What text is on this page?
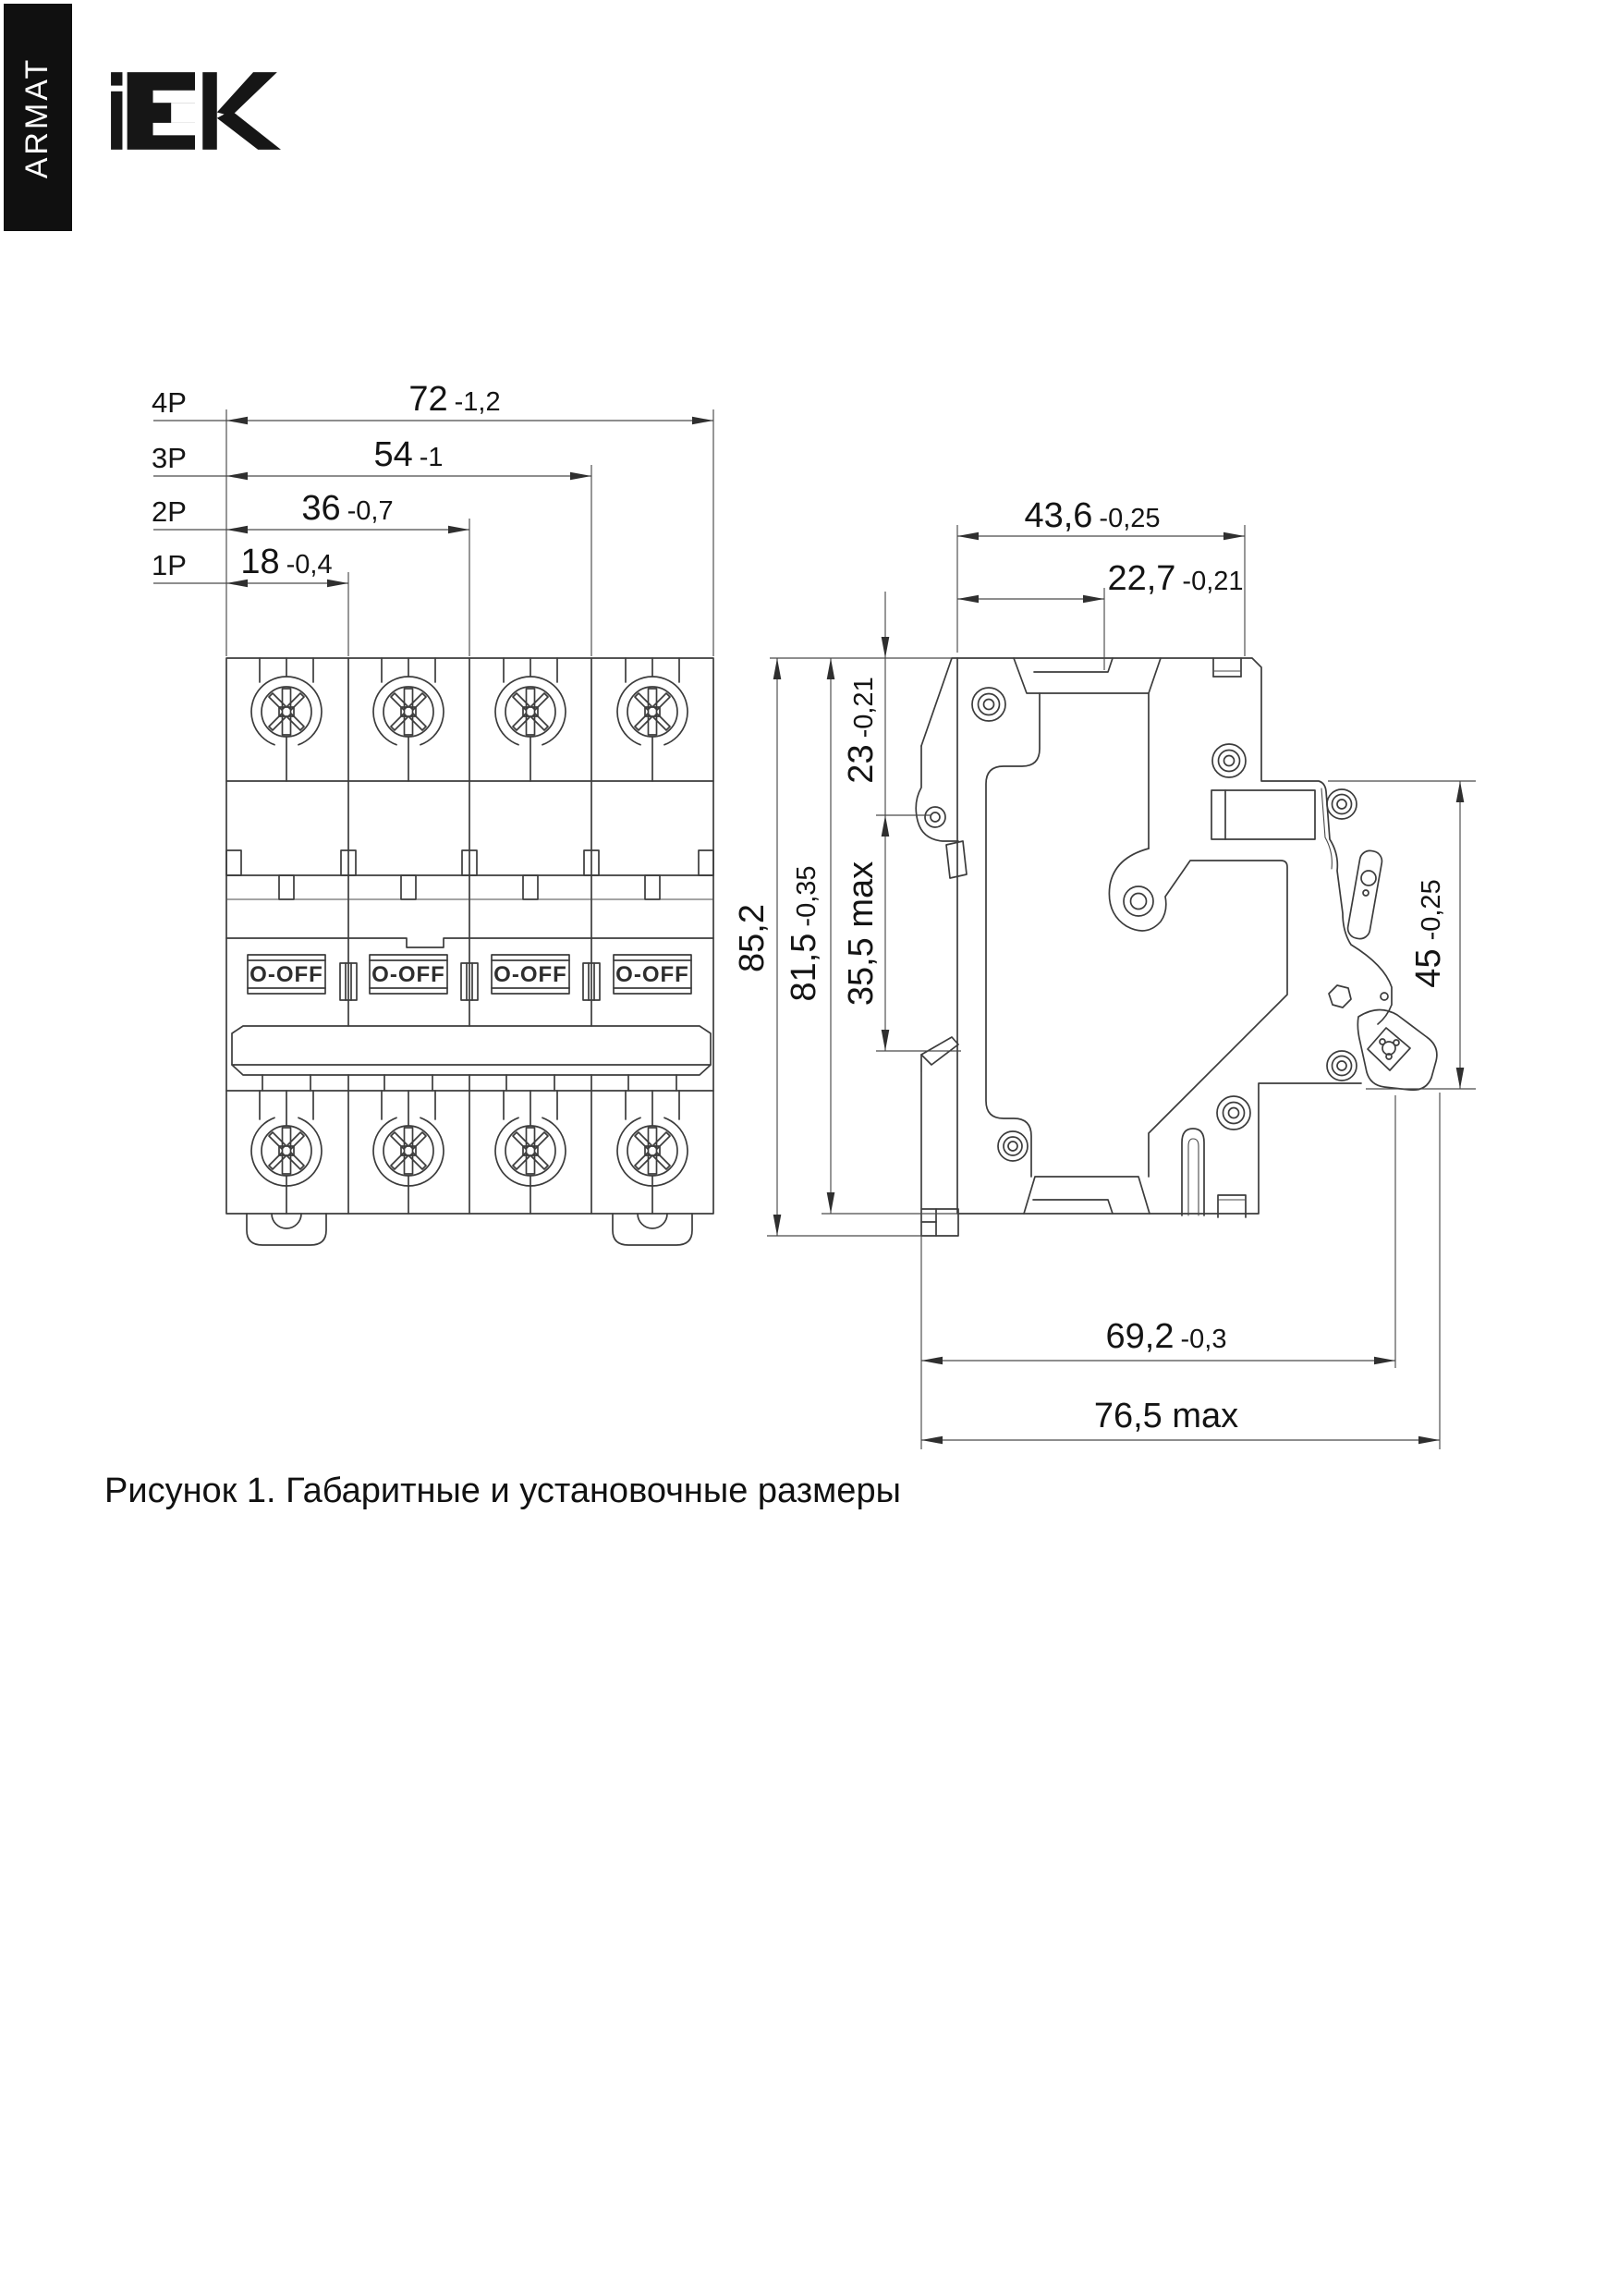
ARMAT
4P
3P
2P
1P
72 -1,2
54 -1
36 -0,7
18 -0,4
O-OFF O-OFF O-OFF O-OFF
43,6 -0,25
22,7 -0,21
85,2 81,5-0,35
23-0,21
35,5 max	45-0,25
69,2 -0,3
76,5 max
Рисунок 1. Габаритные и установочные размеры
